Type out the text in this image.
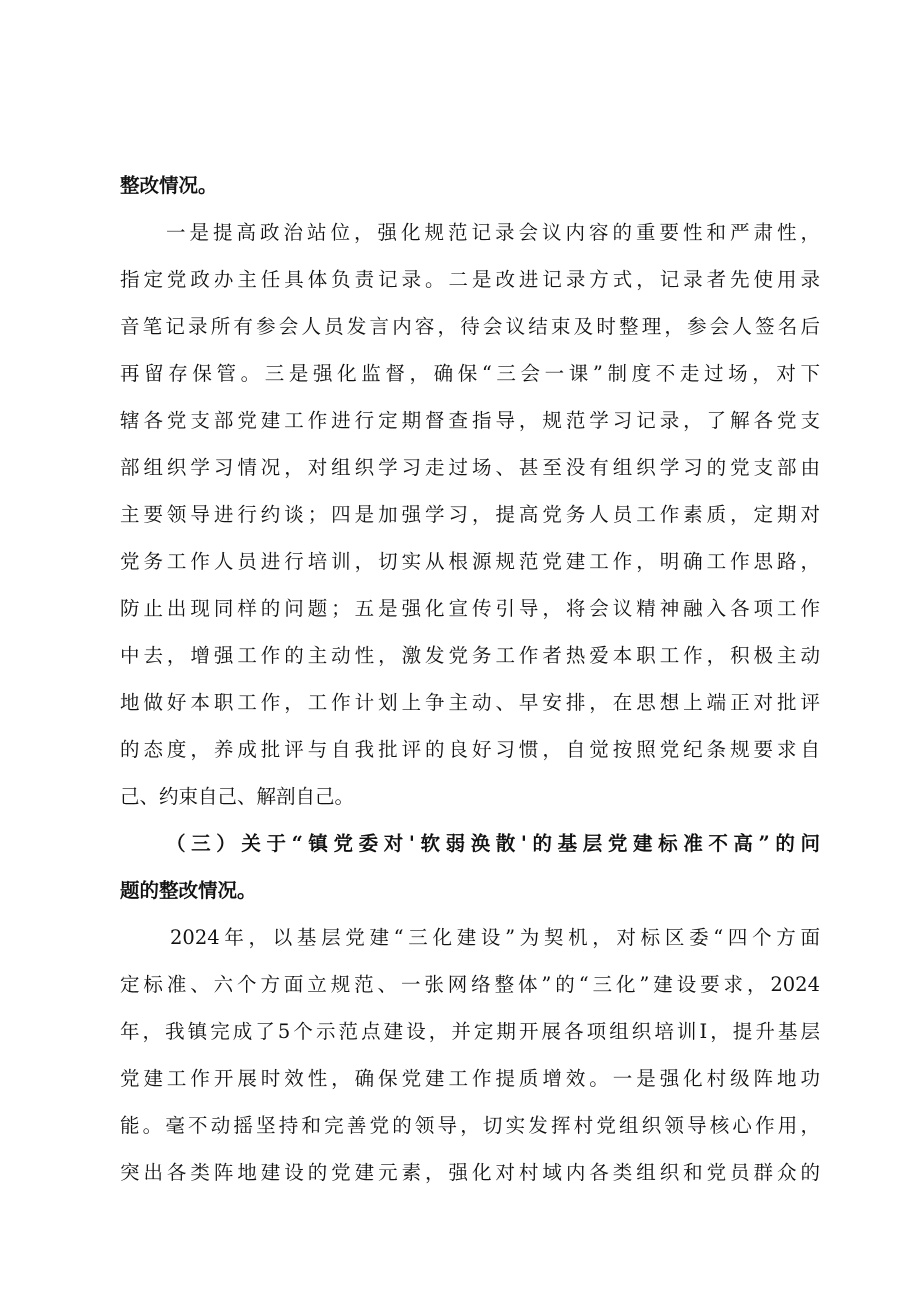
整改情况。
一是提高政治站位，强化规范记录会议内容的重要性和严肃性，
指定党政办主任具体负责记录。二是改进记录方式，记录者先使用录
音笔记录所有参会人员发言内容，待会议结束及时整理，参会人签名后
再留存保管。三是强化监督，确保“三会一课”制度不走过场，对下
辖各党支部党建工作进行定期督查指导，规范学习记录，了解各党支
部组织学习情况，对组织学习走过场、甚至没有组织学习的党支部由
主要领导进行约谈；四是加强学习，提高党务人员工作素质，定期对
党务工作人员进行培训，切实从根源规范党建工作，明确工作思路，
防止出现同样的问题；五是强化宣传引导，将会议精神融入各项工作
中去，增强工作的主动性，激发党务工作者热爱本职工作，积极主动
地做好本职工作，工作计划上争主动、早安排，在思想上端正对批评
的态度，养成批评与自我批评的良好习惯，自觉按照党纪条规要求自
己、约束自己、解剖自己。
（三）关于“镇党委对'软弱涣散'的基层党建标准不高”的问
题的整改情况。
2024年，以基层党建“三化建设”为契机，对标区委“四个方面
定标准、六个方面立规范、一张网络整体”的“三化”建设要求，2024
年，我镇完成了5个示范点建设，并定期开展各项组织培训I，提升基层
党建工作开展时效性，确保党建工作提质增效。一是强化村级阵地功
能。毫不动摇坚持和完善党的领导，切实发挥村党组织领导核心作用，
突出各类阵地建设的党建元素，强化对村域内各类组织和党员群众的
